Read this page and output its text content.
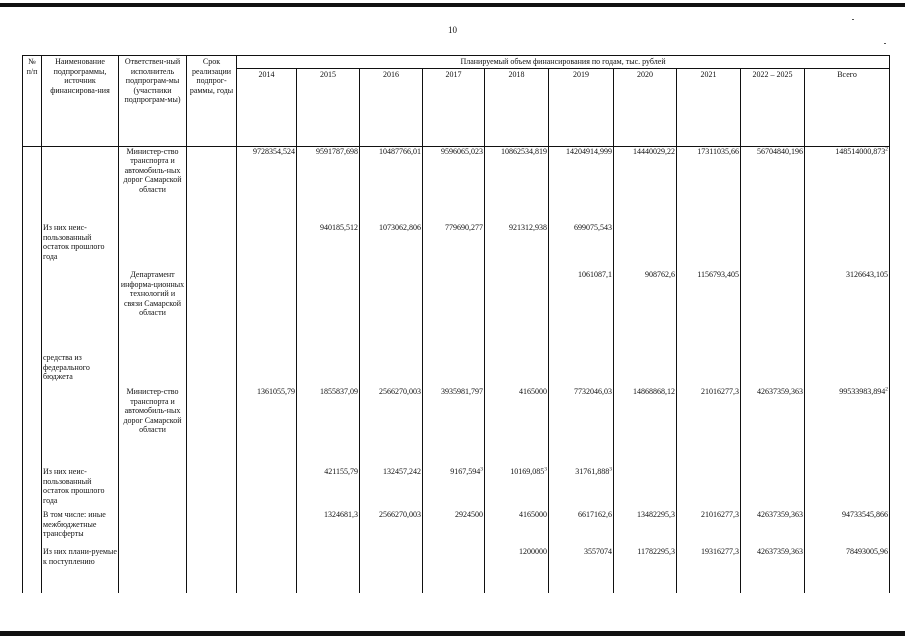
10
№ п/п	Наименование подпрограммы, источник финансирова-ния	Ответствен-ный исполнитель подпрограм-мы (участники подпрограм-мы)	Срок реализации подпрог-раммы, годы	Планируемый объем финансирования по годам, тыс. рублей									
				2014	2015	2016	2017	2018	2019	2020	2021	2022 – 2025	Всего
		Министер-ство транспорта и автомобиль-ных дорог Самарской области		9728354,524	9591787,698	10487766,01	9596065,023	10862534,819	14204914,999	14440029,22	17311035,66	56704840,196	148514000,873$^2$
	Из них неис-пользованный остаток прошлого года				940185,512	1073062,806	779690,277	921312,938	699075,543				
		Департамент информа-ционных технологий и связи Самарской области							1061087,1	908762,6	1156793,405		3126643,105
	средства из федерального бюджета												
		Министер-ство транспорта и автомобиль-ных дорог Самарской области		1361055,79	1855837,09	2566270,003	3935981,797	4165000	7732046,03	14868868,12	21016277,3	42637359,363	99533983,894$^2$
	Из них неис-пользованный остаток прошлого года				421155,79	132457,242	9167,594$^3$	10169,085$^3$	31761,888$^3$				
	В том числе: иные межбюджетные трансферты				1324681,3	2566270,003	2924500	4165000	6617162,6	13482295,3	21016277,3	42637359,363	94733545,866
	Из них плани-руемые к поступлению							1200000	3557074	11782295,3	19316277,3	42637359,363	78493005,96
